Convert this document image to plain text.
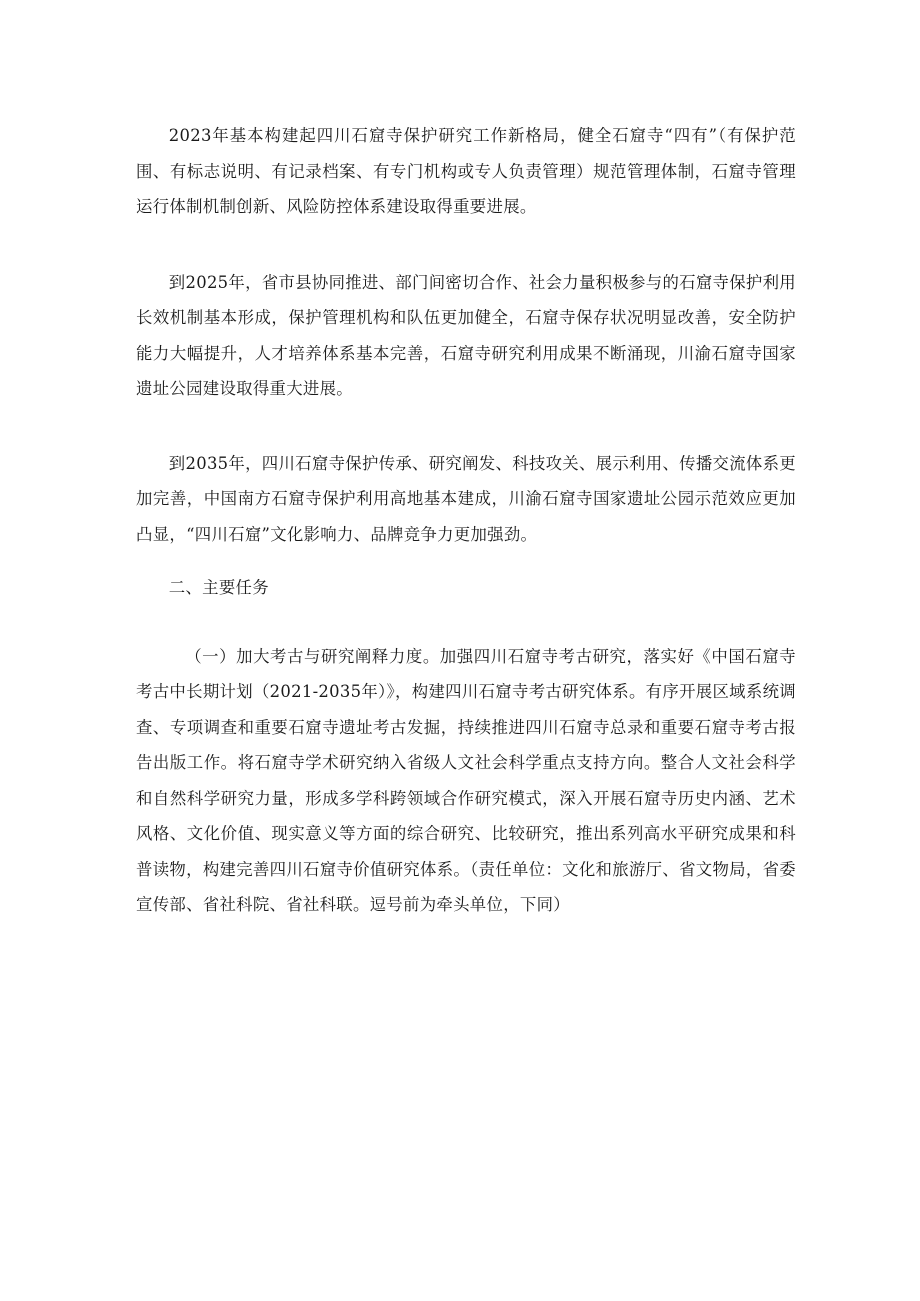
2023年基本构建起四川石窟寺保护研究工作新格局，健全石窟寺“四有”（有保护范围、有标志说明、有记录档案、有专门机构或专人负责管理）规范管理体制，石窟寺管理运行体制机制创新、风险防控体系建设取得重要进展。

到2025年，省市县协同推进、部门间密切合作、社会力量积极参与的石窟寺保护利用长效机制基本形成，保护管理机构和队伍更加健全，石窟寺保存状况明显改善，安全防护能力大幅提升，人才培养体系基本完善，石窟寺研究利用成果不断涌现，川渝石窟寺国家遗址公园建设取得重大进展。

到2035年，四川石窟寺保护传承、研究阐发、科技攻关、展示利用、传播交流体系更加完善，中国南方石窟寺保护利用高地基本建成，川渝石窟寺国家遗址公园示范效应更加凸显，“四川石窟”文化影响力、品牌竞争力更加强劲。

二、主要任务

（一）加大考古与研究阐释力度。加强四川石窟寺考古研究，落实好《中国石窟寺考古中长期计划（2021-2035年）》，构建四川石窟寺考古研究体系。有序开展区域系统调查、专项调查和重要石窟寺遗址考古发掘，持续推进四川石窟寺总录和重要石窟寺考古报告出版工作。将石窟寺学术研究纳入省级人文社会科学重点支持方向。整合人文社会科学和自然科学研究力量，形成多学科跨领域合作研究模式，深入开展石窟寺历史内涵、艺术风格、文化价值、现实意义等方面的综合研究、比较研究，推出系列高水平研究成果和科普读物，构建完善四川石窟寺价值研究体系。（责任单位：文化和旅游厅、省文物局，省委宣传部、省社科院、省社科联。逗号前为牵头单位，下同）
